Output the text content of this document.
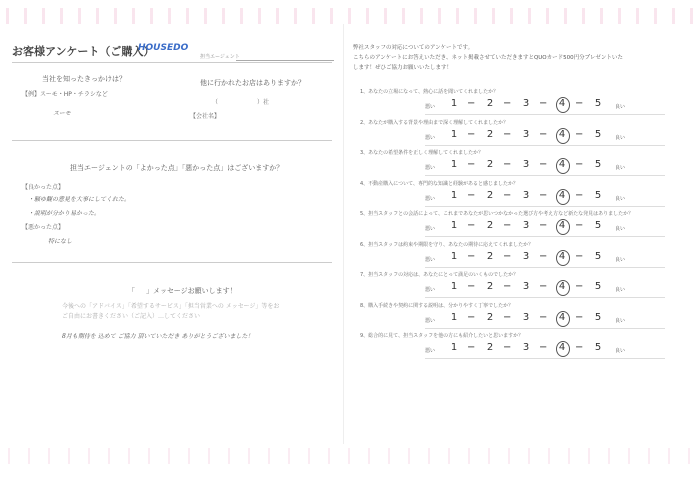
お客様アンケート（ご購入）
HOUSEDO
担当エージェント
当社を知ったきっかけは？
【例】スーモ・HP・チラシなど
スーモ
他に行かれたお店はありますか？
（	）社
【会社名】
担当エージェントの「よかった点」「悪かった点」はございますか？
【良かった点】
・騒ゆ観の意見を大事にしてくれた。
・説明が分かり易かった。
【悪かった点】
特になし
「 」メッセージお願いします！
今後への「アドバイス」「希望するサービス」「担当営業への メッセージ」等をお
ご自由にお書きください（ご記入）…してください
8月も期待を 込めて ご協力 頂いていただき ありがとうございました！
弊社スタッフの対応についてのアンケートです。
こちらのアンケートにお答えいただき、ネット掲載させていただきますとQUOカード500円分プレゼントいた
します！ぜひご協力お願いいたします！
1、あなたの立場になって、熱心に話を聞いてくれましたか？
悪い 1 − 2 − 3 − 4 − 5	良い
2、あなたが購入する背景や理由まで深く理解してくれましたか？
悪い 1 − 2 − 3 − 4 − 5	良い
3、あなたの希望条件を正しく理解してくれましたか？
悪い 1 − 2 − 3 − 4 − 5	良い
4、不動産購入について、専門的な知識と経験があると感じましたか？
悪い 1 − 2 − 3 − 4 − 5	良い
5、担当スタッフとの会話によって、これまであなたが思いつかなかった選び方や考え方など新たな発見はありましたか？
悪い 1 − 2 − 3 − 4 − 5	良い
6、担当スタッフは約束や期限を守り、あなたの期待に応えてくれましたか？
悪い 1 − 2 − 3 − 4 − 5	良い
7、担当スタッフの対応は、あなたにとって満足のいくものでしたか？
悪い 1 − 2 − 3 − 4 − 5	良い
8、購入手続きや契約に関する説明は、分かりやすく丁寧でしたか？
悪い 1 − 2 − 3 − 4 − 5	良い
9、総合的に見て、担当スタッフを他の方にも紹介したいと思いますか？
悪い 1 − 2 − 3 − 4 − 5	良い
